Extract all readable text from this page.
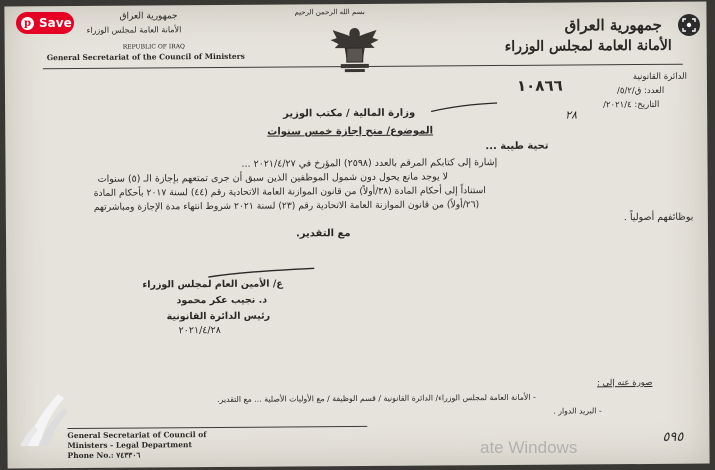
جمهورية العراق
الأمانة العامة لمجلس الوزراء
REPUBLIC OF IRAQ
General Secretariat of the Council of Ministers
بسم الله الرحمن الرحيم
جمهورية العراق
الأمانة العامة لمجلس الوزراء
الدائرة القانونية
العدد: ق/٥/٢/
التاريخ: ٢٠٢١/٤/
١٠٨٦٦
٢٨
وزارة المالية / مكتب الوزير
الموضوع/ منح إجازة خمس سنوات
تحية طيبة ...
إشارة إلى كتابكم المرقم بالعدد (٢٥٩٨) المؤرخ في ٢٠٢١/٤/٢٧ ...
لا يوجد مانع يحول دون شمول الموظفين الذين سبق أن جرى تمتعهم بإجازة الـ (٥) سنوات
استناداً إلى أحكام المادة (٣٨/أولاً) من قانون الموازنة العامة الاتحادية رقم (٤٤) لسنة ٢٠١٧ بأحكام المادة
(٢٦/أولاً) من قانون الموازنة العامة الاتحادية رقم (٢٣) لسنة ٢٠٢١ شروط انتهاء مدة الإجازة ومباشرتهم
بوظائفهم أصولياً .
مع التقدير.
ع/ الأمين العام لمجلس الوزراء
د. نجيب عكر محمود
رئيس الدائرة القانونية
٢٠٢١/٤/٢٨
صورة عنه إلى :
- الأمانة العامة لمجلس الوزراء/ الدائرة القانونية / قسم الوظيفة / مع الأوليات الأصلية ... مع التقدير.
- البريد الدوار .
General Secretariat of Council of
Ministers - Legal Department
Phone No.: ٧٤٣٣٠٦
٥٩٥
p Save
ate Windows
